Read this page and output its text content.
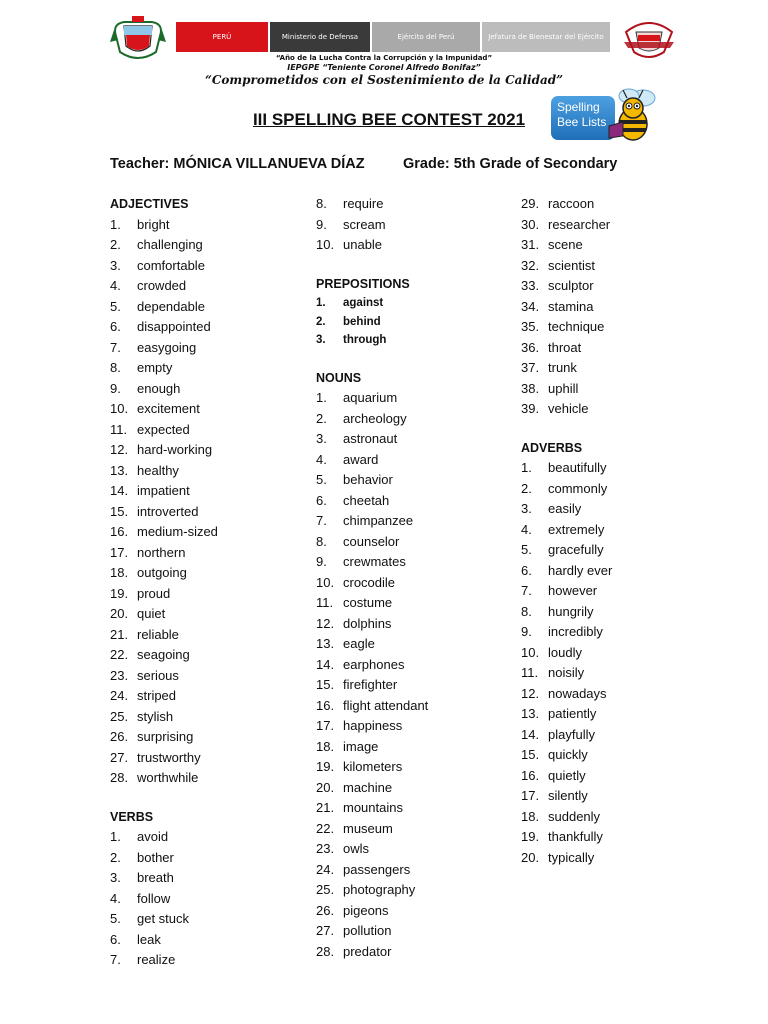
PERÚ	Ministerio de Defensa	Ejército del Perú	Jefatura de Bienestar del Ejército
“Año de la Lucha Contra la Corrupción y la Impunidad”
IEPGPE “Teniente Coronel Alfredo Bonifaz”
“Comprometidos con el Sostenimiento de la Calidad”
III SPELLING BEE CONTEST 2021
Spelling
Bee Lists
Teacher: MÓNICA VILLANUEVA DÍAZ	Grade: 5th Grade of Secondary
ADJECTIVES
1.	bright
2.	challenging
3.	comfortable
4.	crowded
5.	dependable
6.	disappointed
7.	easygoing
8.	empty
9.	enough
10. excitement
11. expected
12. hard-working
13. healthy
14. impatient
15. introverted
16. medium-sized
17. northern
18. outgoing
19. proud
20. quiet
21. reliable
22. seagoing
23. serious
24. striped
25. stylish
26. surprising
27. trustworthy
28. worthwhile
VERBS
1.	avoid
2.	bother
3.	breath
4.	follow
5.	get stuck
6.	leak
7.	realize
8.	require
9.	scream
10. unable
PREPOSITIONS
1.	against
2.	behind
3.	through
NOUNS
1.	aquarium
2.	archeology
3.	astronaut
4.	award
5.	behavior
6.	cheetah
7.	chimpanzee
8.	counselor
9.	crewmates
10. crocodile
11. costume
12. dolphins
13. eagle
14. earphones
15. firefighter
16. flight attendant
17. happiness
18. image
19. kilometers
20. machine
21. mountains
22. museum
23. owls
24. passengers
25. photography
26. pigeons
27. pollution
28. predator
29. raccoon
30. researcher
31. scene
32. scientist
33. sculptor
34. stamina
35. technique
36. throat
37. trunk
38. uphill
39. vehicle
ADVERBS
1.	beautifully
2.	commonly
3.	easily
4.	extremely
5.	gracefully
6.	hardly ever
7.	however
8.	hungrily
9.	incredibly
10. loudly
11. noisily
12. nowadays
13. patiently
14. playfully
15. quickly
16. quietly
17. silently
18. suddenly
19. thankfully
20. typically
